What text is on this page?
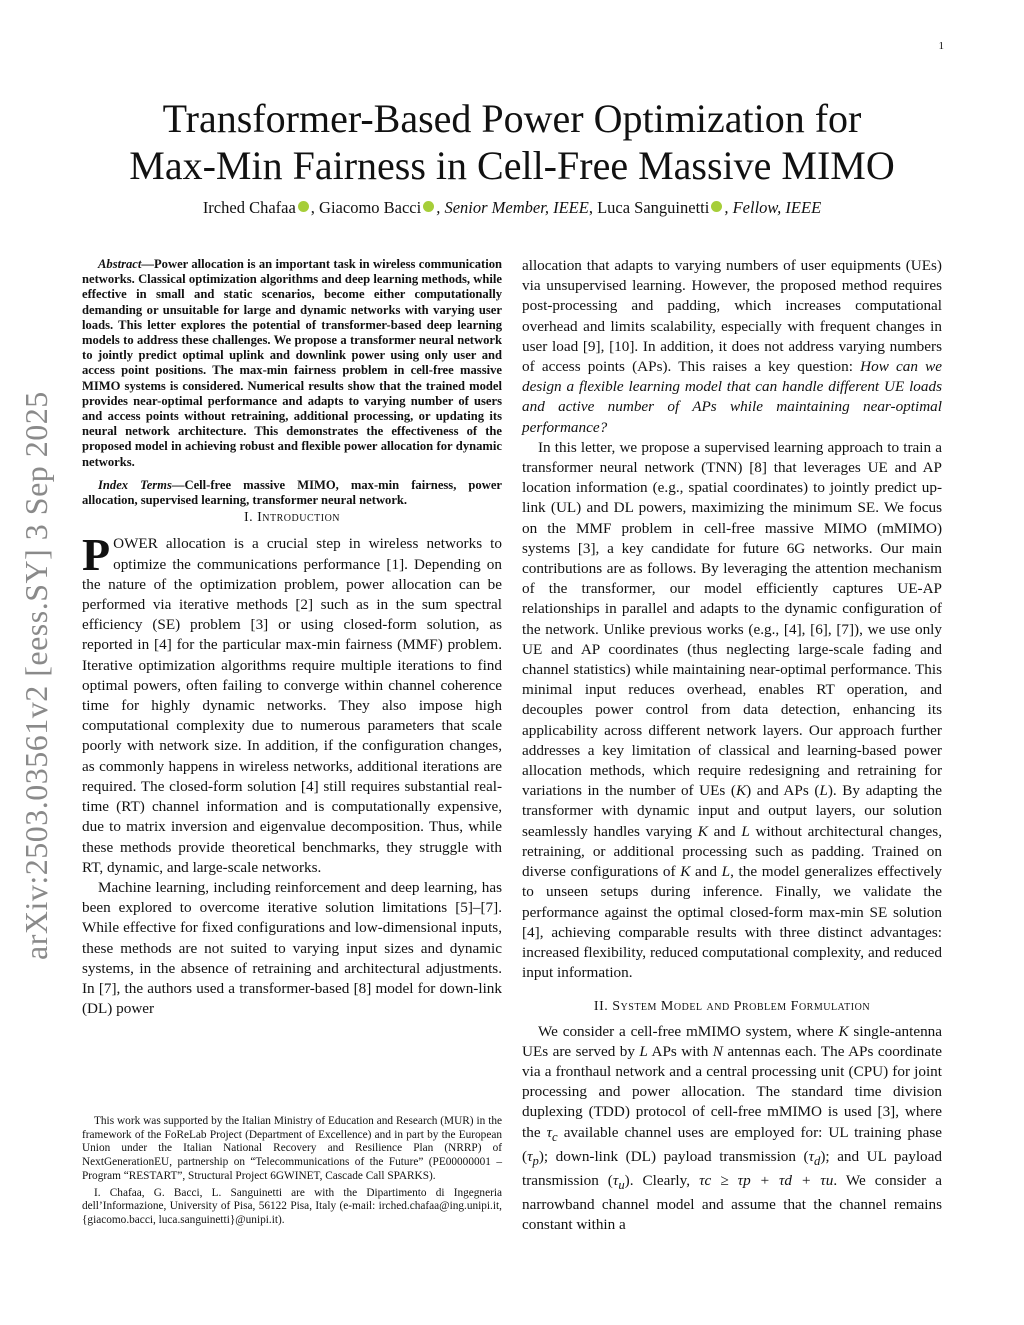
1
arXiv:2503.03561v2 [eess.SY] 3 Sep 2025
Transformer-Based Power Optimization for
Max-Min Fairness in Cell-Free Massive MIMO
Irched Chafaa , Giacomo Bacci , Senior Member, IEEE, Luca Sanguinetti , Fellow, IEEE

Abstract—Power allocation is an important task in wireless communication networks. Classical optimization algorithms and deep learning methods, while effective in small and static scenarios, become either computationally demanding or unsuitable for large and dynamic networks with varying user loads. This letter explores the potential of transformer-based deep learning models to address these challenges. We propose a transformer neural network to jointly predict optimal uplink and downlink power using only user and access point positions. The max-min fairness problem in cell-free massive MIMO systems is considered. Numerical results show that the trained model provides near-optimal performance and adapts to varying number of users and access points without retraining, additional processing, or updating its neural network architecture. This demonstrates the effectiveness of the proposed model in achieving robust and flexible power allocation for dynamic networks.

Index Terms—Cell-free massive MIMO, max-min fairness, power allocation, supervised learning, transformer neural network.

I. Introduction

POWER allocation is a crucial step in wireless networks to optimize the communications performance [1]. Depending on the nature of the optimization problem, power allocation can be performed via iterative methods [2] such as in the sum spectral efficiency (SE) problem [3] or using closed-form solution, as reported in [4] for the particular max-min fairness (MMF) problem. Iterative optimization algorithms require multiple iterations to find optimal powers, often failing to converge within channel coherence time for highly dynamic networks. They also impose high computational complexity due to numerous parameters that scale poorly with network size. In addition, if the configuration changes, as commonly happens in wireless networks, additional iterations are required. The closed-form solution [4] still requires substantial real-time (RT) channel information and is computationally expensive, due to matrix inversion and eigenvalue decomposition. Thus, while these methods provide theoretical benchmarks, they struggle with RT, dynamic, and large-scale networks.

Machine learning, including reinforcement and deep learning, has been explored to overcome iterative solution limitations [5]–[7]. While effective for fixed configurations and low-dimensional inputs, these methods are not suited to varying input sizes and dynamic systems, in the absence of retraining and architectural adjustments. In [7], the authors used a transformer-based [8] model for down-link (DL) power

This work was supported by the Italian Ministry of Education and Research (MUR) in the framework of the FoReLab Project (Department of Excellence) and in part by the European Union under the Italian National Recovery and Resilience Plan (NRRP) of NextGenerationEU, partnership on “Telecommunications of the Future” (PE00000001 – Program “RESTART”, Structural Project 6GWINET, Cascade Call SPARKS).

I. Chafaa, G. Bacci, L. Sanguinetti are with the Dipartimento di Ingegneria dell’Informazione, University of Pisa, 56122 Pisa, Italy (e-mail: irched.chafaa@ing.unipi.it, {giacomo.bacci, luca.sanguinetti}@unipi.it).

allocation that adapts to varying numbers of user equipments (UEs) via unsupervised learning. However, the proposed method requires post-processing and padding, which increases computational overhead and limits scalability, especially with frequent changes in user load [9], [10]. In addition, it does not address varying numbers of access points (APs). This raises a key question: How can we design a flexible learning model that can handle different UE loads and active number of APs while maintaining near-optimal performance?

In this letter, we propose a supervised learning approach to train a transformer neural network (TNN) [8] that leverages UE and AP location information (e.g., spatial coordinates) to jointly predict up-link (UL) and DL powers, maximizing the minimum SE. We focus on the MMF problem in cell-free massive MIMO (mMIMO) systems [3], a key candidate for future 6G networks. Our main contributions are as follows. By leveraging the attention mechanism of the transformer, our model efficiently captures UE-AP relationships in parallel and adapts to the dynamic configuration of the network. Unlike previous works (e.g., [4], [6], [7]), we use only UE and AP coordinates (thus neglecting large-scale fading and channel statistics) while maintaining near-optimal performance. This minimal input reduces overhead, enables RT operation, and decouples power control from data detection, enhancing its applicability across different network layers. Our approach further addresses a key limitation of classical and learning-based power allocation methods, which require redesigning and retraining for variations in the number of UEs (K) and APs (L). By adapting the transformer with dynamic input and output layers, our solution seamlessly handles varying K and L without architectural changes, retraining, or additional processing such as padding. Trained on diverse configurations of K and L, the model generalizes effectively to unseen setups during inference. Finally, we validate the performance against the optimal closed-form max-min SE solution [4], achieving comparable results with three distinct advantages: increased flexibility, reduced computational complexity, and reduced input information.

II. System Model and Problem Formulation

We consider a cell-free mMIMO system, where K single-antenna UEs are served by L APs with N antennas each. The APs coordinate via a fronthaul network and a central processing unit (CPU) for joint processing and power allocation. The standard time division duplexing (TDD) protocol of cell-free mMIMO is used [3], where the $\tau_c$ available channel uses are employed for: UL training phase $(\tau_p)$; down-link (DL) payload transmission $(\tau_d)$; and UL payload transmission $(\tau_u)$. Clearly, τc ≥ τp + τd + τu. We consider a narrowband channel model and assume that the channel remains constant within a
